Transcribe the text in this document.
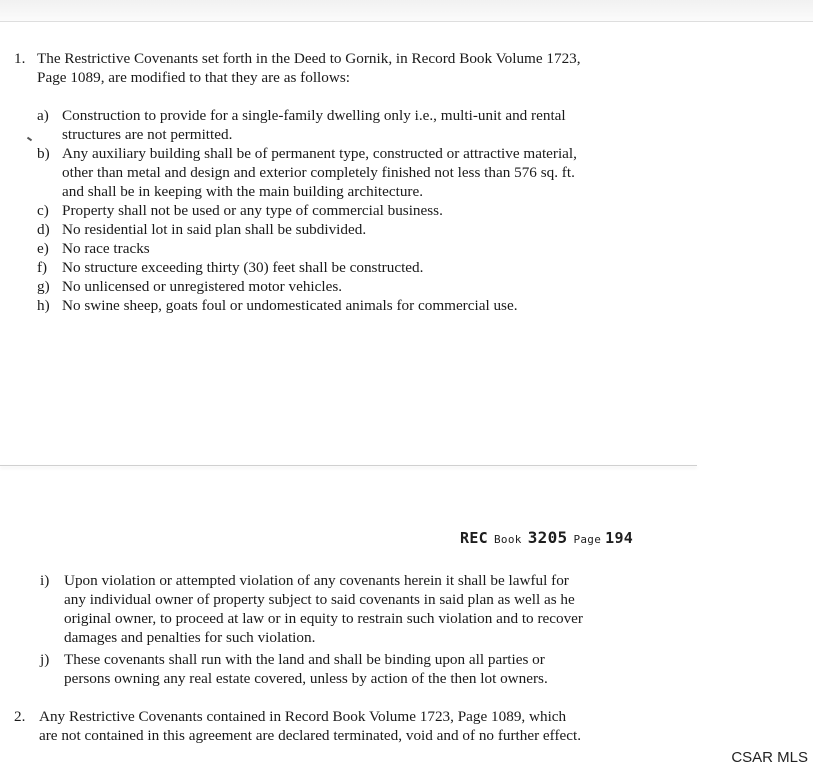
1. The Restrictive Covenants set forth in the Deed to Gornik, in Record Book Volume 1723,
Page 1089, are modified to that they are as follows:
a) Construction to provide for a single-family dwelling only i.e., multi-unit and rental
structures are not permitted.
b) Any auxiliary building shall be of permanent type, constructed or attractive material,
other than metal and design and exterior completely finished not less than 576 sq. ft.
and shall be in keeping with the main building architecture.
c) Property shall not be used or any type of commercial business.
d) No residential lot in said plan shall be subdivided.
e) No race tracks
f) No structure exceeding thirty (30) feet shall be constructed.
g) No unlicensed or unregistered motor vehicles.
h) No swine sheep, goats foul or undomesticated animals for commercial use.
REC Book 3205 Page 194
i) Upon violation or attempted violation of any covenants herein it shall be lawful for
any individual owner of property subject to said covenants in said plan as well as he
original owner, to proceed at law or in equity to restrain such violation and to recover
damages and penalties for such violation.
j) These covenants shall run with the land and shall be binding upon all parties or
persons owning any real estate covered, unless by action of the then lot owners.
2. Any Restrictive Covenants contained in Record Book Volume 1723, Page 1089, which
are not contained in this agreement are declared terminated, void and of no further effect.
CSAR MLS
